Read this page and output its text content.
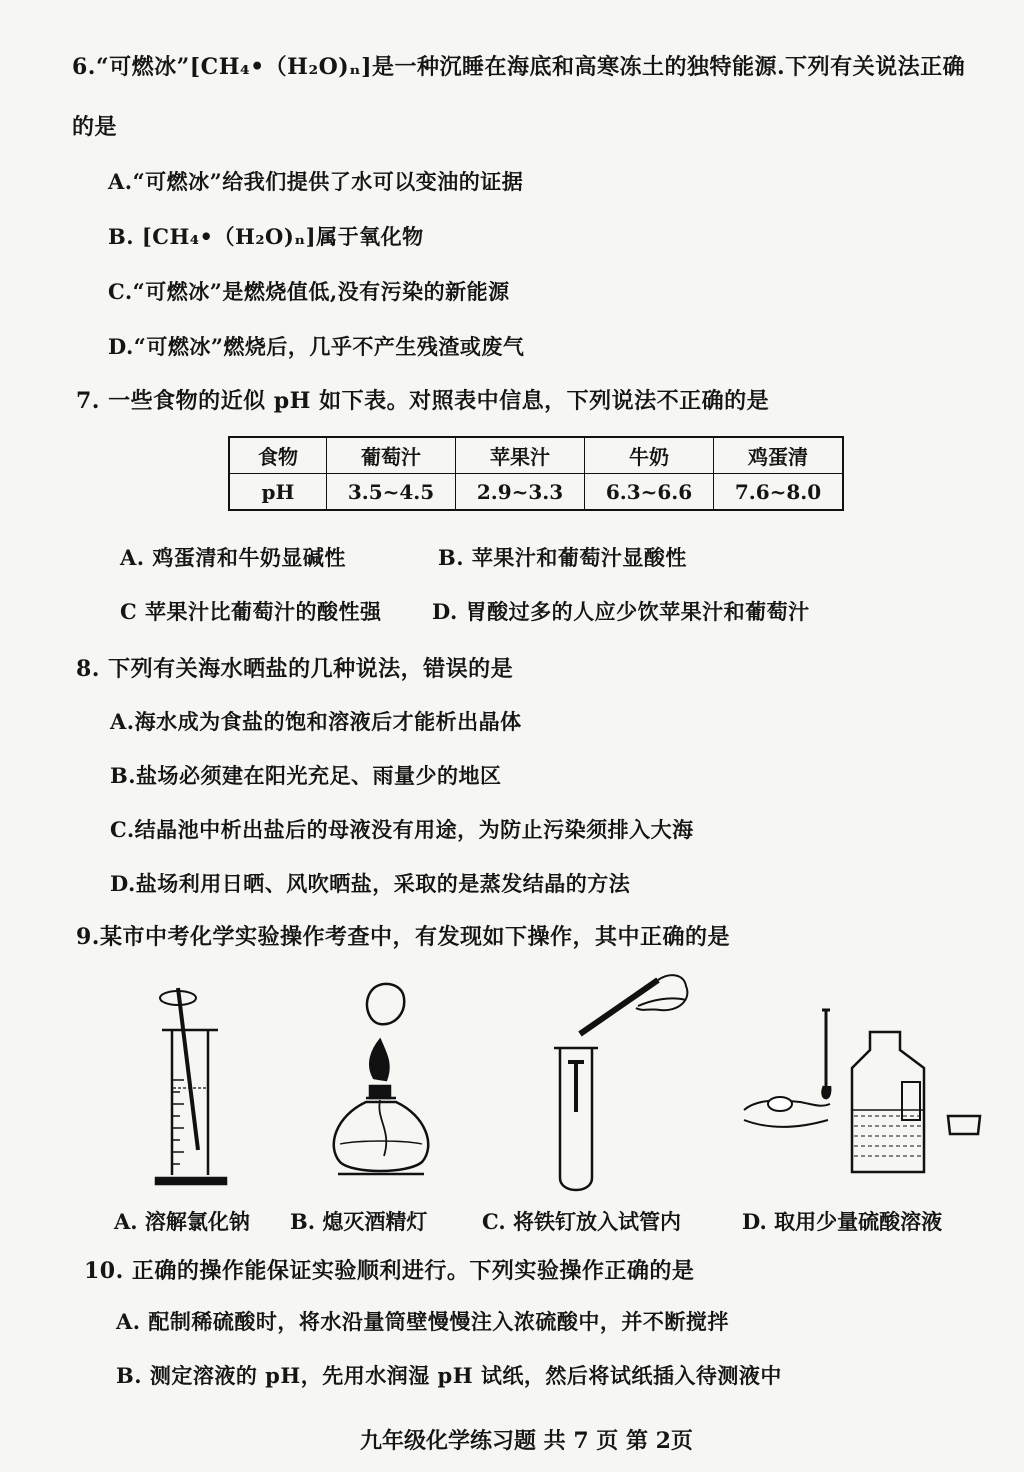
6.“可燃冰”[CH₄•（H₂O)ₙ]是一种沉睡在海底和高寒冻土的独特能源.下列有关说法正确
的是
A.“可燃冰”给我们提供了水可以变油的证据
B. [CH₄•（H₂O)ₙ]属于氧化物
C.“可燃冰”是燃烧值低,没有污染的新能源
D.“可燃冰”燃烧后，几乎不产生残渣或废气
7. 一些食物的近似 pH 如下表。对照表中信息，下列说法不正确的是
食物	葡萄汁	苹果汁	牛奶	鸡蛋清
pH	3.5~4.5	2.9~3.3	6.3~6.6	7.6~8.0
A. 鸡蛋清和牛奶显碱性	B. 苹果汁和葡萄汁显酸性
C 苹果汁比葡萄汁的酸性强 D. 胃酸过多的人应少饮苹果汁和葡萄汁
8. 下列有关海水晒盐的几种说法，错误的是
A.海水成为食盐的饱和溶液后才能析出晶体
B.盐场必须建在阳光充足、雨量少的地区
C.结晶池中析出盐后的母液没有用途，为防止污染须排入大海
D.盐场利用日晒、风吹晒盐，采取的是蒸发结晶的方法
9.某市中考化学实验操作考查中，有发现如下操作，其中正确的是
A. 溶解氯化钠 B. 熄灭酒精灯	C. 将铁钉放入试管内	D. 取用少量硫酸溶液
10. 正确的操作能保证实验顺利进行。下列实验操作正确的是
A. 配制稀硫酸时，将水沿量筒壁慢慢注入浓硫酸中，并不断搅拌
B. 测定溶液的 pH，先用水润湿 pH 试纸，然后将试纸插入待测液中
九年级化学练习题 共 7 页 第 2页
